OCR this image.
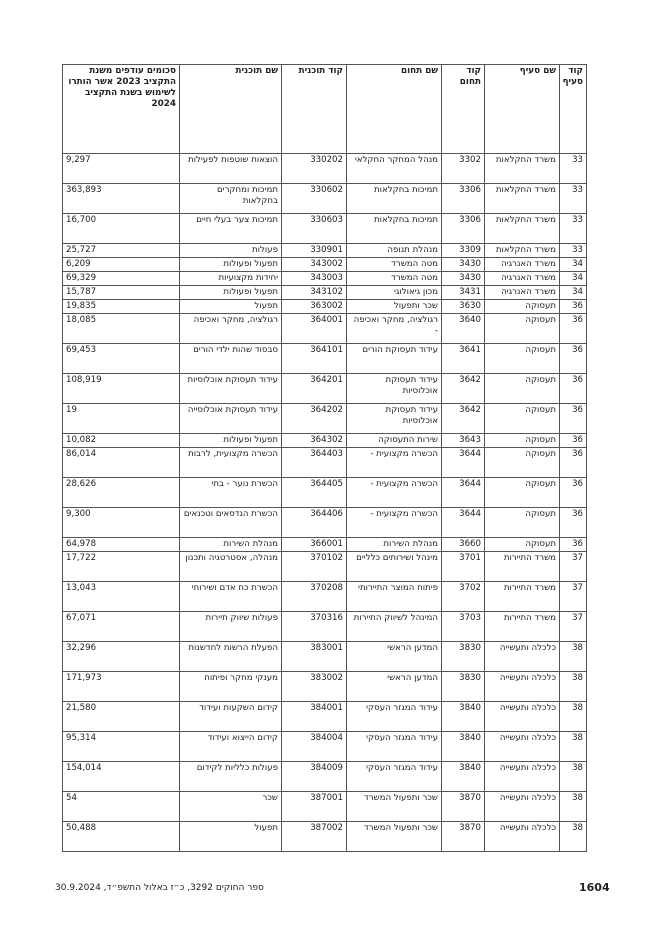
קוד סעיף	שם סעיף	קוד תחום	שם תחום	קוד תוכנית	שם תוכנית	סכומים עודפים משנת התקציב 2023 אשר הותרו לשימוש בשנת התקציב 2024
33	משרד החקלאות	3302	מנהל המחקר החקלאי	330202	הוצאות שוטפות לפעילות	9,297
33	משרד החקלאות	3306	תמיכות בחקלאות	330602	תמיכות ומחקרים בחקלאות	363,893
33	משרד החקלאות	3306	תמיכות בחקלאות	330603	תמיכות צער בעלי חיים	16,700
33	משרד החקלאות	3309	מנהלת תנופה	330901	פעולות	25,727
34	משרד האנרגיה	3430	מטה המשרד	343002	תפעול ופעולות	6,209
34	משרד האנרגיה	3430	מטה המשרד	343003	יחידות מקצועיות	69,329
34	משרד האנרגיה	3431	מכון גיאולוגי	343102	תפעול ופעולות	15,787
36	תעסוקה	3630	שכר ותפעול	363002	תפעול	19,835
36	תעסוקה	3640	רגולציה, מחקר ואכיפה -	364001	רגולציה, מחקר ואכיפה	18,085
36	תעסוקה	3641	עידוד תעסוקת הורים	364101	סבסוד שהות ילדי הורים	69,453
36	תעסוקה	3642	עידוד תעסוקת אוכלוסיות	364201	עידוד תעסוקת אוכלוסיות	108,919
36	תעסוקה	3642	עידוד תעסוקת אוכלוסיות	364202	עידוד תעסוקת אוכלוסייה	19
36	תעסוקה	3643	שירות התעסוקה	364302	תפעול ופעולות	10,082
36	תעסוקה	3644	הכשרה מקצועית -	364403	הכשרה מקצועית, לרבות	86,014
36	תעסוקה	3644	הכשרה מקצועית -	364405	הכשרת נוער - בתי	28,626
36	תעסוקה	3644	הכשרה מקצועית -	364406	הכשרת הנדסאים וטכנאים	9,300
36	תעסוקה	3660	מנהלת השירות	366001	מנהלת השירות	64,978
37	משרד התיירות	3701	מינהל ושירותים כלליים	370102	מנהלה, אסטרטגיה ותכנון	17,722
37	משרד התיירות	3702	פיתוח המוצר התיירותי	370208	הכשרת כח אדם ושירותי	13,043
37	משרד התיירות	3703	המינהל לשיווק התיירות	370316	פעולות שיווק תיירות	67,071
38	כלכלה ותעשייה	3830	המדען הראשי	383001	הפעלת הרשות לחדשנות	32,296
38	כלכלה ותעשייה	3830	המדען הראשי	383002	מענקי מחקר ופיתוח	171,973
38	כלכלה ותעשייה	3840	עידוד המגזר העסקי	384001	קידום השקעות ועידוד	21,580
38	כלכלה ותעשייה	3840	עידוד המגזר העסקי	384004	קידום הייצוא ועידוד	95,314
38	כלכלה ותעשייה	3840	עידוד המגזר העסקי	384009	פעולות כלליות לקידום	154,014
38	כלכלה ותעשייה	3870	שכר ותפעול המשרד	387001	שכר	54
38	כלכלה ותעשייה	3870	שכר ותפעול המשרד	387002	תפעול	50,488
1604
ספר החוקים 3292, כ״ז באלול התשפ״ד, 30.9.2024
